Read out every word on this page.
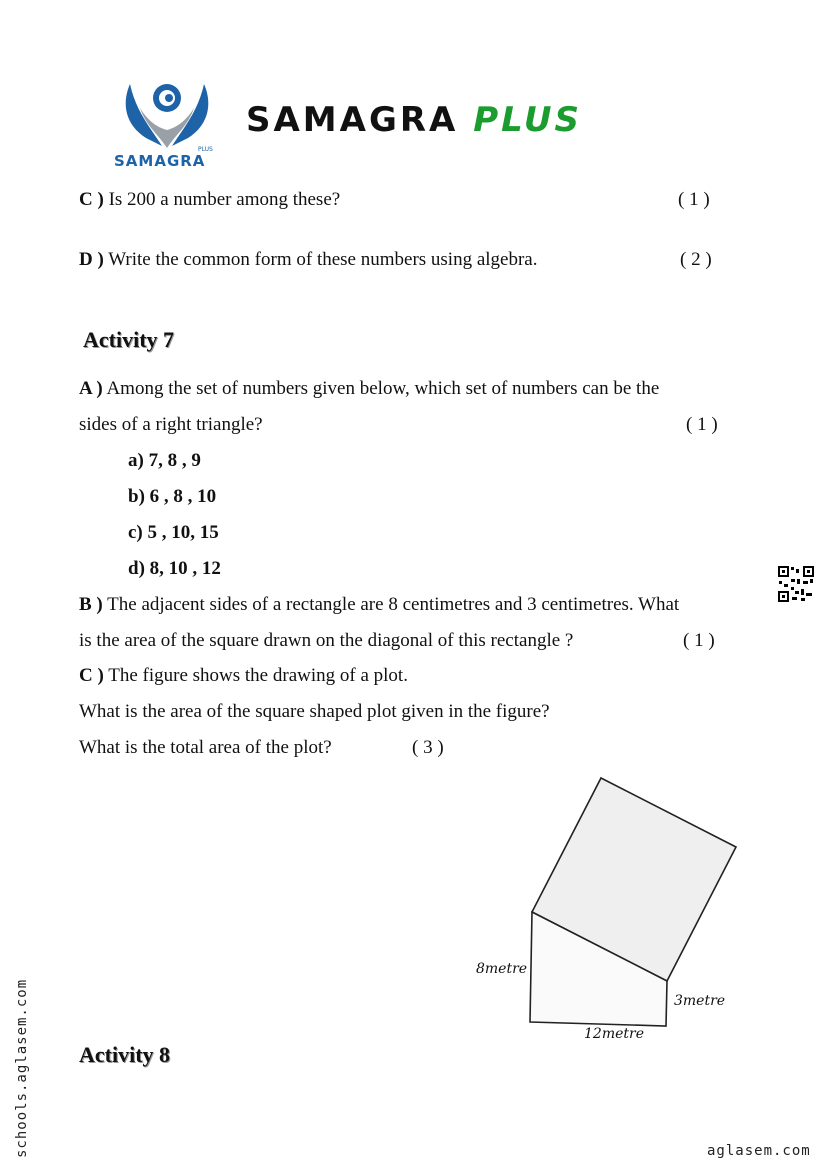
PLUS
SAMAGRA
SAMAGRA PLUS
C ) Is 200 a number among these?	( 1 )
D ) Write the common form of these numbers using algebra.	( 2 )
Activity 7
A ) Among the set of numbers given below, which set of numbers can be the
sides of a right triangle?	( 1 )
a) 7, 8 , 9
b) 6 , 8 , 10
c) 5 , 10, 15
d) 8, 10 , 12
B ) The adjacent sides of a rectangle are 8 centimetres and 3 centimetres. What
is the area of the square drawn on the diagonal of this rectangle ?	( 1 )
C ) The figure shows the drawing of a plot.
What is the area of the square shaped plot given in the figure?
What is the total area of the plot?	( 3 )
8metre
3metre
12metre
Activity 8
schools.aglasem.com	aglasem.com
